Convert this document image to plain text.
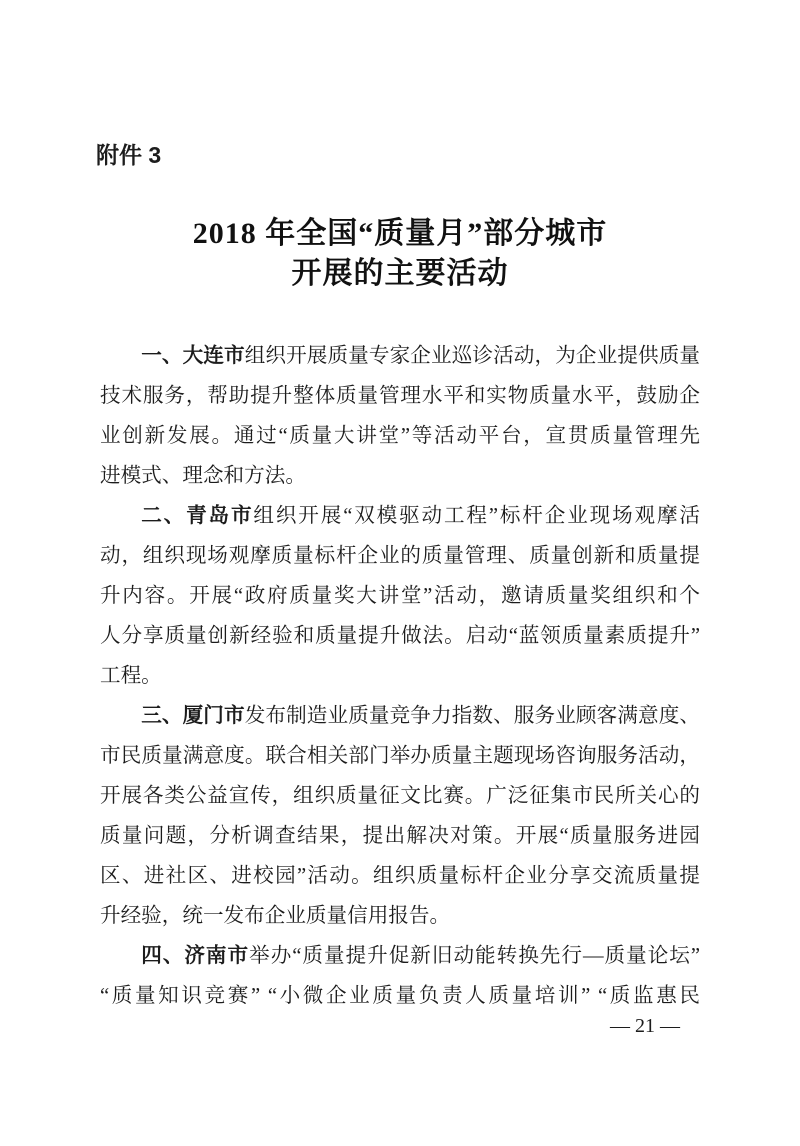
附件 3
2018 年全国“质量月”部分城市
开展的主要活动
一、大连市组织开展质量专家企业巡诊活动，为企业提供质量
技术服务，帮助提升整体质量管理水平和实物质量水平，鼓励企
业创新发展。通过“质量大讲堂”等活动平台，宣贯质量管理先
进模式、理念和方法。
二、青岛市组织开展“双模驱动工程”标杆企业现场观摩活
动，组织现场观摩质量标杆企业的质量管理、质量创新和质量提
升内容。开展“政府质量奖大讲堂”活动，邀请质量奖组织和个
人分享质量创新经验和质量提升做法。启动“蓝领质量素质提升”
工程。
三、厦门市发布制造业质量竞争力指数、服务业顾客满意度、
市民质量满意度。联合相关部门举办质量主题现场咨询服务活动，
开展各类公益宣传，组织质量征文比赛。广泛征集市民所关心的
质量问题，分析调查结果，提出解决对策。开展“质量服务进园
区、进社区、进校园”活动。组织质量标杆企业分享交流质量提
升经验，统一发布企业质量信用报告。
四、济南市举办“质量提升促新旧动能转换先行—质量论坛”
“质量知识竞赛” “小微企业质量负责人质量培训” “质监惠民
— 21 —
